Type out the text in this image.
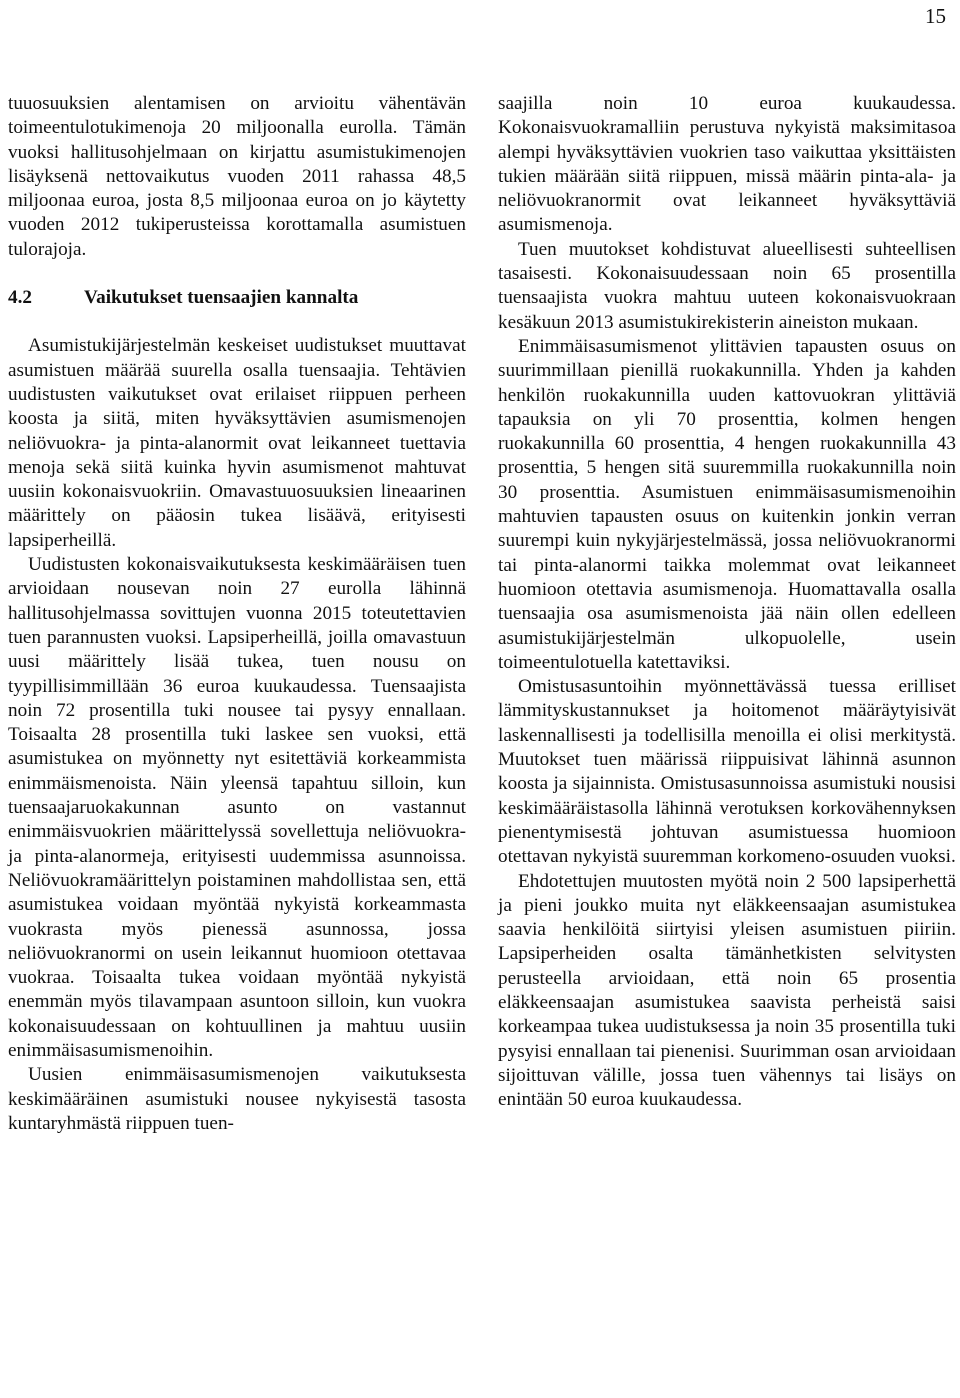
15

tuuosuuksien alentamisen on arvioitu vähentävän toimeentulotukimenoja 20 miljoonalla eurolla. Tämän vuoksi hallitusohjelmaan on kirjattu asumistukimenojen lisäyksenä nettovaikutus vuoden 2011 rahassa 48,5 miljoonaa euroa, josta 8,5 miljoonaa euroa on jo käytetty vuoden 2012 tukiperusteissa korottamalla asumistuen tulorajoja.

4.2	Vaikutukset tuensaajien kannalta

Asumistukijärjestelmän keskeiset uudistukset muuttavat asumistuen määrää suurella osalla tuensaajia. Tehtävien uudistusten vaikutukset ovat erilaiset riippuen perheen koosta ja siitä, miten hyväksyttävien asumismenojen neliövuokra- ja pinta-alanormit ovat leikanneet tuettavia menoja sekä siitä kuinka hyvin asumismenot mahtuvat uusiin kokonaisvuokriin. Omavastuuosuuksien lineaarinen määrittely on pääosin tukea lisäävä, erityisesti lapsiperheillä.

Uudistusten kokonaisvaikutuksesta keskimääräisen tuen arvioidaan nousevan noin 27 eurolla lähinnä hallitusohjelmassa sovittujen vuonna 2015 toteutettavien tuen parannusten vuoksi. Lapsiperheillä, joilla omavastuun uusi määrittely lisää tukea, tuen nousu on tyypillisimmillään 36 euroa kuukaudessa. Tuensaajista noin 72 prosentilla tuki nousee tai pysyy ennallaan. Toisaalta 28 prosentilla tuki laskee sen vuoksi, että asumistukea on myönnetty nyt esitettäviä korkeammista enimmäismenoista. Näin yleensä tapahtuu silloin, kun tuensaajaruokakunnan asunto on vastannut enimmäisvuokrien määrittelyssä sovellettuja neliövuokra- ja pinta-alanormeja, erityisesti uudemmissa asunnoissa. Neliövuokramäärittelyn poistaminen mahdollistaa sen, että asumistukea voidaan myöntää nykyistä korkeammasta vuokrasta myös pienessä asunnossa, jossa neliövuokranormi on usein leikannut huomioon otettavaa vuokraa. Toisaalta tukea voidaan myöntää nykyistä enemmän myös tilavampaan asuntoon silloin, kun vuokra kokonaisuudessaan on kohtuullinen ja mahtuu uusiin enimmäisasumismenoihin.

Uusien enimmäisasumismenojen vaikutuksesta keskimääräinen asumistuki nousee nykyisestä tasosta kuntaryhmästä riippuen tuen-

saajilla noin 10 euroa kuukaudessa. Kokonaisvuokramalliin perustuva nykyistä maksimitasoa alempi hyväksyttävien vuokrien taso vaikuttaa yksittäisten tukien määrään siitä riippuen, missä määrin pinta-ala- ja neliövuokranormit ovat leikanneet hyväksyttäviä asumismenoja.

Tuen muutokset kohdistuvat alueellisesti suhteellisen tasaisesti. Kokonaisuudessaan noin 65 prosentilla tuensaajista vuokra mahtuu uuteen kokonaisvuokraan kesäkuun 2013 asumistukirekisterin aineiston mukaan.

Enimmäisasumismenot ylittävien tapausten osuus on suurimmillaan pienillä ruokakunnilla. Yhden ja kahden henkilön ruokakunnilla uuden kattovuokran ylittäviä tapauksia on yli 70 prosenttia, kolmen hengen ruokakunnilla 60 prosenttia, 4 hengen ruokakunnilla 43 prosenttia, 5 hengen sitä suuremmilla ruokakunnilla noin 30 prosenttia. Asumistuen enimmäisasumismenoihin mahtuvien tapausten osuus on kuitenkin jonkin verran suurempi kuin nykyjärjestelmässä, jossa neliövuokranormi tai pinta-alanormi taikka molemmat ovat leikanneet huomioon otettavia asumismenoja. Huomattavalla osalla tuensaajia osa asumismenoista jää näin ollen edelleen asumistukijärjestelmän ulkopuolelle, usein toimeentulotuella katettaviksi.

Omistusasuntoihin myönnettävässä tuessa erilliset lämmityskustannukset ja hoitomenot määräytyisivät laskennallisesti ja todellisilla menoilla ei olisi merkitystä. Muutokset tuen määrissä riippuisivat lähinnä asunnon koosta ja sijainnista. Omistusasunnoissa asumistuki nousisi keskimääräistasolla lähinnä verotuksen korkovähennyksen pienentymisestä johtuvan asumistuessa huomioon otettavan nykyistä suuremman korkomeno-osuuden vuoksi.

Ehdotettujen muutosten myötä noin 2 500 lapsiperhettä ja pieni joukko muita nyt eläkkeensaajan asumistukea saavia henkilöitä siirtyisi yleisen asumistuen piiriin. Lapsiperheiden osalta tämänhetkisten selvitysten perusteella arvioidaan, että noin 65 prosentia eläkkeensaajan asumistukea saavista perheistä saisi korkeampaa tukea uudistuksessa ja noin 35 prosentilla tuki pysyisi ennallaan tai pienenisi. Suurimman osan arvioidaan sijoittuvan välille, jossa tuen vähennys tai lisäys on enintään 50 euroa kuukaudessa.
